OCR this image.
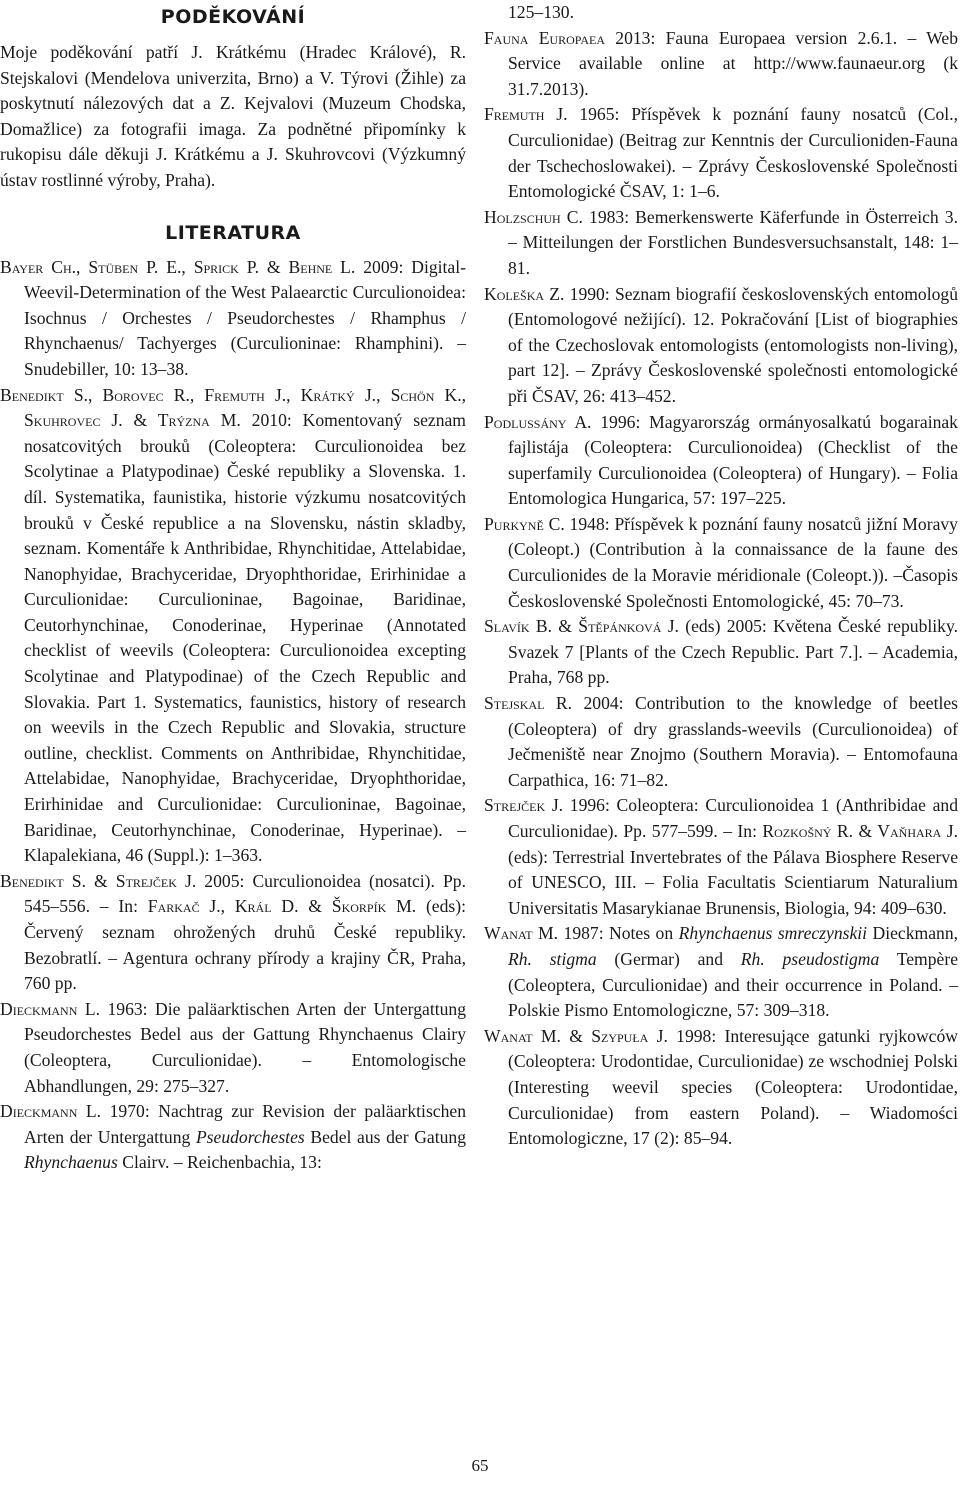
PODĚKOVÁNÍ

Moje poděkování patří J. Krátkému (Hradec Králové), R. Stejskalovi (Mendelova univerzita, Brno) a V. Týrovi (Žihle) za poskytnutí nálezových dat a Z. Kejvalovi (Muzeum Chodska, Domažlice) za fotografii imaga. Za podnětné připomínky k rukopisu dále děkuji J. Krátkému a J. Skuhrovcovi (Výzkumný ústav rostlinné výroby, Praha).

LITERATURA

Bayer Ch., Stüben P. E., Sprick P. & Behne L. 2009: Digital-Weevil-Determination of the West Palaearctic Curculionoidea: Isochnus / Orchestes / Pseudorchestes / Rhamphus / Rhynchaenus/ Tachyerges (Curculioninae: Rhamphini). – Snudebiller, 10: 13–38.

Benedikt S., Borovec R., Fremuth J., Krátký J., Schön K., Skuhrovec J. & Trýzna M. 2010: Komentovaný seznam nosatcovitých brouků (Coleoptera: Curculionoidea bez Scolytinae a Platypodinae) České republiky a Slovenska. 1. díl. Systematika, faunistika, historie výzkumu nosatcovitých brouků v České republice a na Slovensku, nástin skladby, seznam. Komentáře k Anthribidae, Rhynchitidae, Attelabidae, Nanophyidae, Brachyceridae, Dryophthoridae, Erirhinidae a Curculionidae: Curculioninae, Bagoinae, Baridinae, Ceutorhynchinae, Conoderinae, Hyperinae (Annotated checklist of weevils (Coleoptera: Curculionoidea excepting Scolytinae and Platypodinae) of the Czech Republic and Slovakia. Part 1. Systematics, faunistics, history of research on weevils in the Czech Republic and Slovakia, structure outline, checklist. Comments on Anthribidae, Rhynchitidae, Attelabidae, Nanophyidae, Brachyceridae, Dryophthoridae, Erirhinidae and Curculionidae: Curculioninae, Bagoinae, Baridinae, Ceutorhynchinae, Conoderinae, Hyperinae). – Klapalekiana, 46 (Suppl.): 1–363.

Benedikt S. & Strejček J. 2005: Curculionoidea (nosatci). Pp. 545–556. – In: Farkač J., Král D. & Škorpík M. (eds): Červený seznam ohrožených druhů České republiky. Bezobratlí. – Agentura ochrany přírody a krajiny ČR, Praha, 760 pp.

Dieckmann L. 1963: Die paläarktischen Arten der Untergattung Pseudorchestes Bedel aus der Gattung Rhynchaenus Clairy (Coleoptera, Curculionidae). – Entomologische Abhandlungen, 29: 275–327.

Dieckmann L. 1970: Nachtrag zur Revision der paläarktischen Arten der Untergattung Pseudorchestes Bedel aus der Gatung Rhynchaenus Clairv. – Reichenbachia, 13:

125–130.

Fauna Europaea 2013: Fauna Europaea version 2.6.1. – Web Service available online at http://www.faunaeur.org (k 31.7.2013).

Fremuth J. 1965: Příspěvek k poznání fauny nosatců (Col., Curculionidae) (Beitrag zur Kenntnis der Curculioniden-Fauna der Tschechoslowakei). – Zprávy Československé Společnosti Entomologické ČSAV, 1: 1–6.

Holzschuh C. 1983: Bemerkenswerte Käferfunde in Österreich 3. – Mitteilungen der Forstlichen Bundesversuchsanstalt, 148: 1–81.

Koleška Z. 1990: Seznam biografií československých entomologů (Entomologové nežijící). 12. Pokračování [List of biographies of the Czechoslovak entomologists (entomologists non-living), part 12]. – Zprávy Československé společnosti entomologické při ČSAV, 26: 413–452.

Podlussány A. 1996: Magyarország ormányosalkatú bogarainak fajlistája (Coleoptera: Curculionoidea) (Checklist of the superfamily Curculionoidea (Coleoptera) of Hungary). – Folia Entomologica Hungarica, 57: 197–225.

Purkyně C. 1948: Příspěvek k poznání fauny nosatců jižní Moravy (Coleopt.) (Contribution à la connaissance de la faune des Curculionides de la Moravie méridionale (Coleopt.)). –Časopis Československé Společnosti Entomologické, 45: 70–73.

Slavík B. & Štěpánková J. (eds) 2005: Květena České republiky. Svazek 7 [Plants of the Czech Republic. Part 7.]. – Academia, Praha, 768 pp.

Stejskal R. 2004: Contribution to the knowledge of beetles (Coleoptera) of dry grasslands-weevils (Curculionoidea) of Ječmeniště near Znojmo (Southern Moravia). – Entomofauna Carpathica, 16: 71–82.

Strejček J. 1996: Coleoptera: Curculionoidea 1 (Anthribidae and Curculionidae). Pp. 577–599. – In: Rozkošný R. & Vaňhara J. (eds): Terrestrial Invertebrates of the Pálava Biosphere Reserve of UNESCO, III. – Folia Facultatis Scientiarum Naturalium Universitatis Masarykianae Brunensis, Biologia, 94: 409–630.

Wanat M. 1987: Notes on Rhynchaenus smreczynskii Dieckmann, Rh. stigma (Germar) and Rh. pseudostigma Tempère (Coleoptera, Curculionidae) and their occurrence in Poland. – Polskie Pismo Entomologiczne, 57: 309–318.

Wanat M. & Szypuła J. 1998: Interesujące gatunki ryjkowców (Coleoptera: Urodontidae, Curculionidae) ze wschodniej Polski (Interesting weevil species (Coleoptera: Urodontidae, Curculionidae) from eastern Poland). – Wiadomości Entomologiczne, 17 (2): 85–94.

65
